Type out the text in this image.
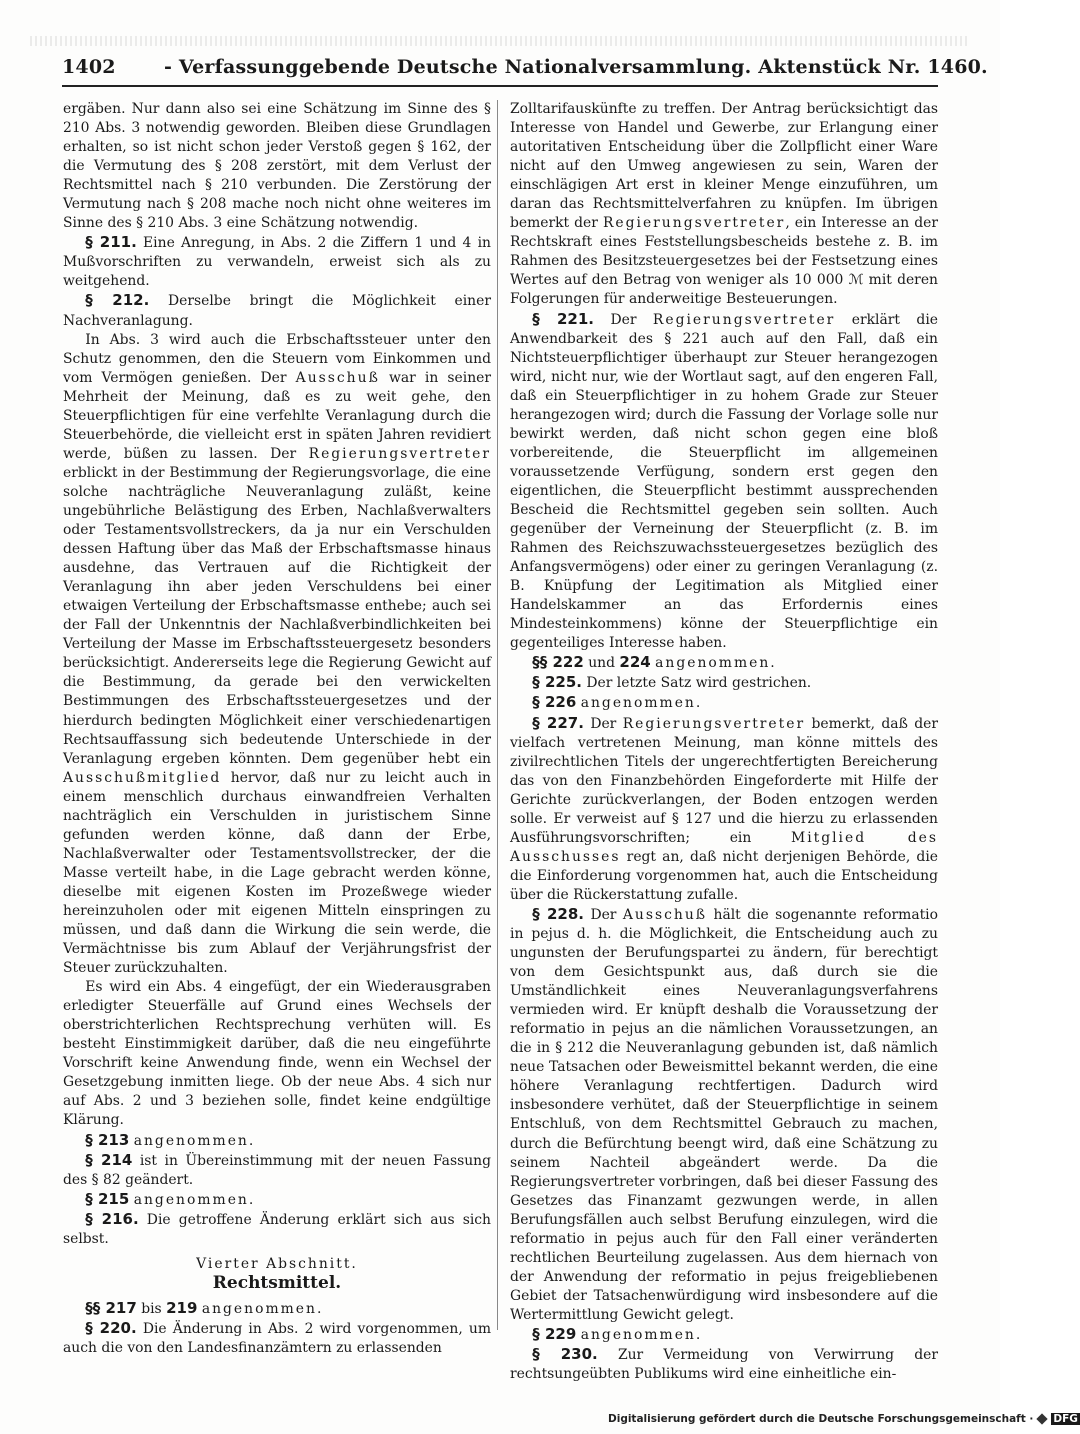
1402	- Verfassunggebende Deutsche Nationalversammlung. Aktenstück Nr. 1460.

ergäben. Nur dann also sei eine Schätzung im Sinne des § 210 Abs. 3 notwendig geworden. Bleiben diese Grundlagen erhalten, so ist nicht schon jeder Verstoß gegen § 162, der die Vermutung des § 208 zerstört, mit dem Verlust der Rechtsmittel nach § 210 verbunden. Die Zerstörung der Vermutung nach § 208 mache noch nicht ohne weiteres im Sinne des § 210 Abs. 3 eine Schätzung notwendig.

§ 211. Eine Anregung, in Abs. 2 die Ziffern 1 und 4 in Mußvorschriften zu verwandeln, erweist sich als zu weitgehend.

§ 212. Derselbe bringt die Möglichkeit einer Nachveranlagung.

In Abs. 3 wird auch die Erbschaftssteuer unter den Schutz genommen, den die Steuern vom Einkommen und vom Vermögen genießen. Der Ausschuß war in seiner Mehrheit der Meinung, daß es zu weit gehe, den Steuerpflichtigen für eine verfehlte Veranlagung durch die Steuerbehörde, die vielleicht erst in späten Jahren revidiert werde, büßen zu lassen. Der Regierungsvertreter erblickt in der Bestimmung der Regierungsvorlage, die eine solche nachträgliche Neuveranlagung zuläßt, keine ungebührliche Belästigung des Erben, Nachlaßverwalters oder Testamentsvollstreckers, da ja nur ein Verschulden dessen Haftung über das Maß der Erbschaftsmasse hinaus ausdehne, das Vertrauen auf die Richtigkeit der Veranlagung ihn aber jeden Verschuldens bei einer etwaigen Verteilung der Erbschaftsmasse enthebe; auch sei der Fall der Unkenntnis der Nachlaßverbindlichkeiten bei Verteilung der Masse im Erbschaftssteuergesetz besonders berücksichtigt. Andererseits lege die Regierung Gewicht auf die Bestimmung, da gerade bei den verwickelten Bestimmungen des Erbschaftssteuergesetzes und der hierdurch bedingten Möglichkeit einer verschiedenartigen Rechtsauffassung sich bedeutende Unterschiede in der Veranlagung ergeben könnten. Dem gegenüber hebt ein Ausschußmitglied hervor, daß nur zu leicht auch in einem menschlich durchaus einwandfreien Verhalten nachträglich ein Verschulden in juristischem Sinne gefunden werden könne, daß dann der Erbe, Nachlaßverwalter oder Testamentsvollstrecker, der die Masse verteilt habe, in die Lage gebracht werden könne, dieselbe mit eigenen Kosten im Prozeßwege wieder hereinzuholen oder mit eigenen Mitteln einspringen zu müssen, und daß dann die Wirkung die sein werde, die Vermächtnisse bis zum Ablauf der Verjährungsfrist der Steuer zurückzuhalten.

Es wird ein Abs. 4 eingefügt, der ein Wiederausgraben erledigter Steuerfälle auf Grund eines Wechsels der oberstrichterlichen Rechtsprechung verhüten will. Es besteht Einstimmigkeit darüber, daß die neu eingeführte Vorschrift keine Anwendung finde, wenn ein Wechsel der Gesetzgebung inmitten liege. Ob der neue Abs. 4 sich nur auf Abs. 2 und 3 beziehen solle, findet keine endgültige Klärung.

§ 213 angenommen.

§ 214 ist in Übereinstimmung mit der neuen Fassung des § 82 geändert.

§ 215 angenommen.

§ 216. Die getroffene Änderung erklärt sich aus sich selbst.

Vierter Abschnitt.

Rechtsmittel.

§§ 217 bis 219 angenommen.

§ 220. Die Änderung in Abs. 2 wird vorgenommen, um auch die von den Landesfinanzämtern zu erlassenden

Zolltarifauskünfte zu treffen. Der Antrag berücksichtigt das Interesse von Handel und Gewerbe, zur Erlangung einer autoritativen Entscheidung über die Zollpflicht einer Ware nicht auf den Umweg angewiesen zu sein, Waren der einschlägigen Art erst in kleiner Menge einzuführen, um daran das Rechtsmittelverfahren zu knüpfen. Im übrigen bemerkt der Regierungsvertreter, ein Interesse an der Rechtskraft eines Feststellungsbescheids bestehe z. B. im Rahmen des Besitzsteuergesetzes bei der Festsetzung eines Wertes auf den Betrag von weniger als 10 000 ℳ mit deren Folgerungen für anderweitige Besteuerungen.

§ 221. Der Regierungsvertreter erklärt die Anwendbarkeit des § 221 auch auf den Fall, daß ein Nichtsteuerpflichtiger überhaupt zur Steuer herangezogen wird, nicht nur, wie der Wortlaut sagt, auf den engeren Fall, daß ein Steuerpflichtiger in zu hohem Grade zur Steuer herangezogen wird; durch die Fassung der Vorlage solle nur bewirkt werden, daß nicht schon gegen eine bloß vorbereitende, die Steuerpflicht im allgemeinen voraussetzende Verfügung, sondern erst gegen den eigentlichen, die Steuerpflicht bestimmt aussprechenden Bescheid die Rechtsmittel gegeben sein sollten. Auch gegenüber der Verneinung der Steuerpflicht (z. B. im Rahmen des Reichszuwachssteuergesetzes bezüglich des Anfangsvermögens) oder einer zu geringen Veranlagung (z. B. Knüpfung der Legitimation als Mitglied einer Handelskammer an das Erfordernis eines Mindesteinkommens) könne der Steuerpflichtige ein gegenteiliges Interesse haben.

§§ 222 und 224 angenommen.

§ 225. Der letzte Satz wird gestrichen.

§ 226 angenommen.

§ 227. Der Regierungsvertreter bemerkt, daß der vielfach vertretenen Meinung, man könne mittels des zivilrechtlichen Titels der ungerechtfertigten Bereicherung das von den Finanzbehörden Eingeforderte mit Hilfe der Gerichte zurückverlangen, der Boden entzogen werden solle. Er verweist auf § 127 und die hierzu zu erlassenden Ausführungsvorschriften; ein Mitglied des Ausschusses regt an, daß nicht derjenigen Behörde, die die Einforderung vorgenommen hat, auch die Entscheidung über die Rückerstattung zufalle.

§ 228. Der Ausschuß hält die sogenannte reformatio in pejus d. h. die Möglichkeit, die Entscheidung auch zu ungunsten der Berufungspartei zu ändern, für berechtigt von dem Gesichtspunkt aus, daß durch sie die Umständlichkeit eines Neuveranlagungsverfahrens vermieden wird. Er knüpft deshalb die Voraussetzung der reformatio in pejus an die nämlichen Voraussetzungen, an die in § 212 die Neuveranlagung gebunden ist, daß nämlich neue Tatsachen oder Beweismittel bekannt werden, die eine höhere Veranlagung rechtfertigen. Dadurch wird insbesondere verhütet, daß der Steuerpflichtige in seinem Entschluß, von dem Rechtsmittel Gebrauch zu machen, durch die Befürchtung beengt wird, daß eine Schätzung zu seinem Nachteil abgeändert werde. Da die Regierungsvertreter vorbringen, daß bei dieser Fassung des Gesetzes das Finanzamt gezwungen werde, in allen Berufungsfällen auch selbst Berufung einzulegen, wird die reformatio in pejus auch für den Fall einer veränderten rechtlichen Beurteilung zugelassen. Aus dem hiernach von der Anwendung der reformatio in pejus freigebliebenen Gebiet der Tatsachenwürdigung wird insbesondere auf die Wertermittlung Gewicht gelegt.

§ 229 angenommen.

§ 230. Zur Vermeidung von Verwirrung der rechtsungeübten Publikums wird eine einheitliche ein-

Digitalisierung gefördert durch die Deutsche Forschungsgemeinschaft · DFG
